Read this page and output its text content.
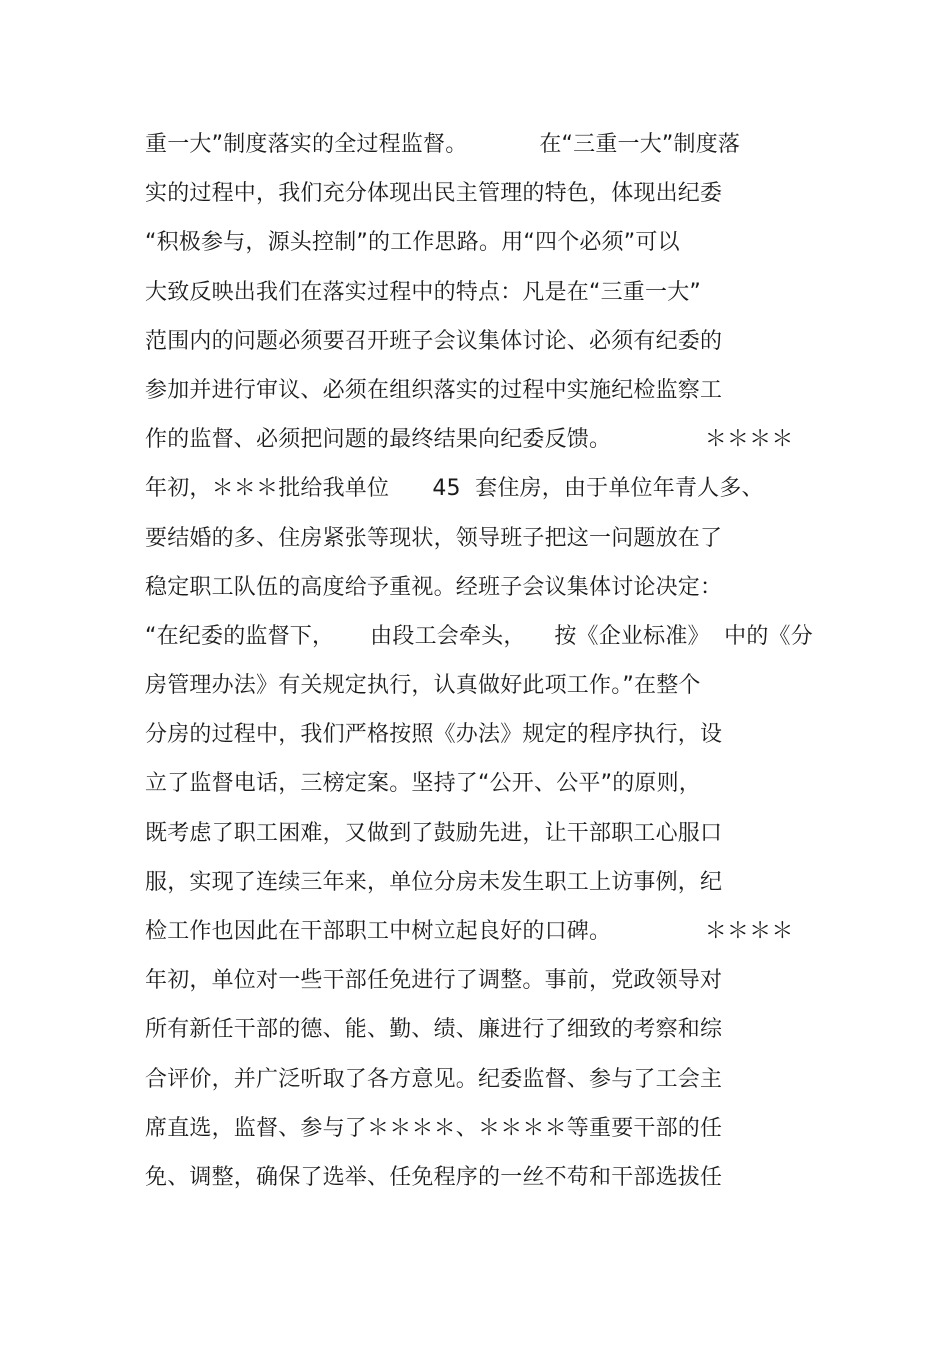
重一大”制度落实的全过程监督。          在“三重一大”制度落
实的过程中，我们充分体现出民主管理的特色，体现出纪委
“积极参与，源头控制”的工作思路。用“四个必须”可以
大致反映出我们在落实过程中的特点：凡是在“三重一大”
范围内的问题必须要召开班子会议集体讨论、必须有纪委的
参加并进行审议、必须在组织落实的过程中实施纪检监察工
作的监督、必须把问题的最终结果向纪委反馈。             ＊＊＊＊
年初，＊＊＊批给我单位      45  套住房，由于单位年青人多、
要结婚的多、住房紧张等现状，领导班子把这一问题放在了
稳定职工队伍的高度给予重视。经班子会议集体讨论决定：
“在纪委的监督下，     由段工会牵头，    按《企业标准》  中的《分
房管理办法》有关规定执行，认真做好此项工作。”在整个
分房的过程中，我们严格按照《办法》规定的程序执行，设
立了监督电话，三榜定案。坚持了“公开、公平”的原则，
既考虑了职工困难，又做到了鼓励先进，让干部职工心服口
服，实现了连续三年来，单位分房未发生职工上访事例，纪
检工作也因此在干部职工中树立起良好的口碑。             ＊＊＊＊
年初，单位对一些干部任免进行了调整。事前，党政领导对
所有新任干部的德、能、勤、绩、廉进行了细致的考察和综
合评价，并广泛听取了各方意见。纪委监督、参与了工会主
席直选，监督、参与了＊＊＊＊、＊＊＊＊等重要干部的任
免、调整，确保了选举、任免程序的一丝不苟和干部选拔任
